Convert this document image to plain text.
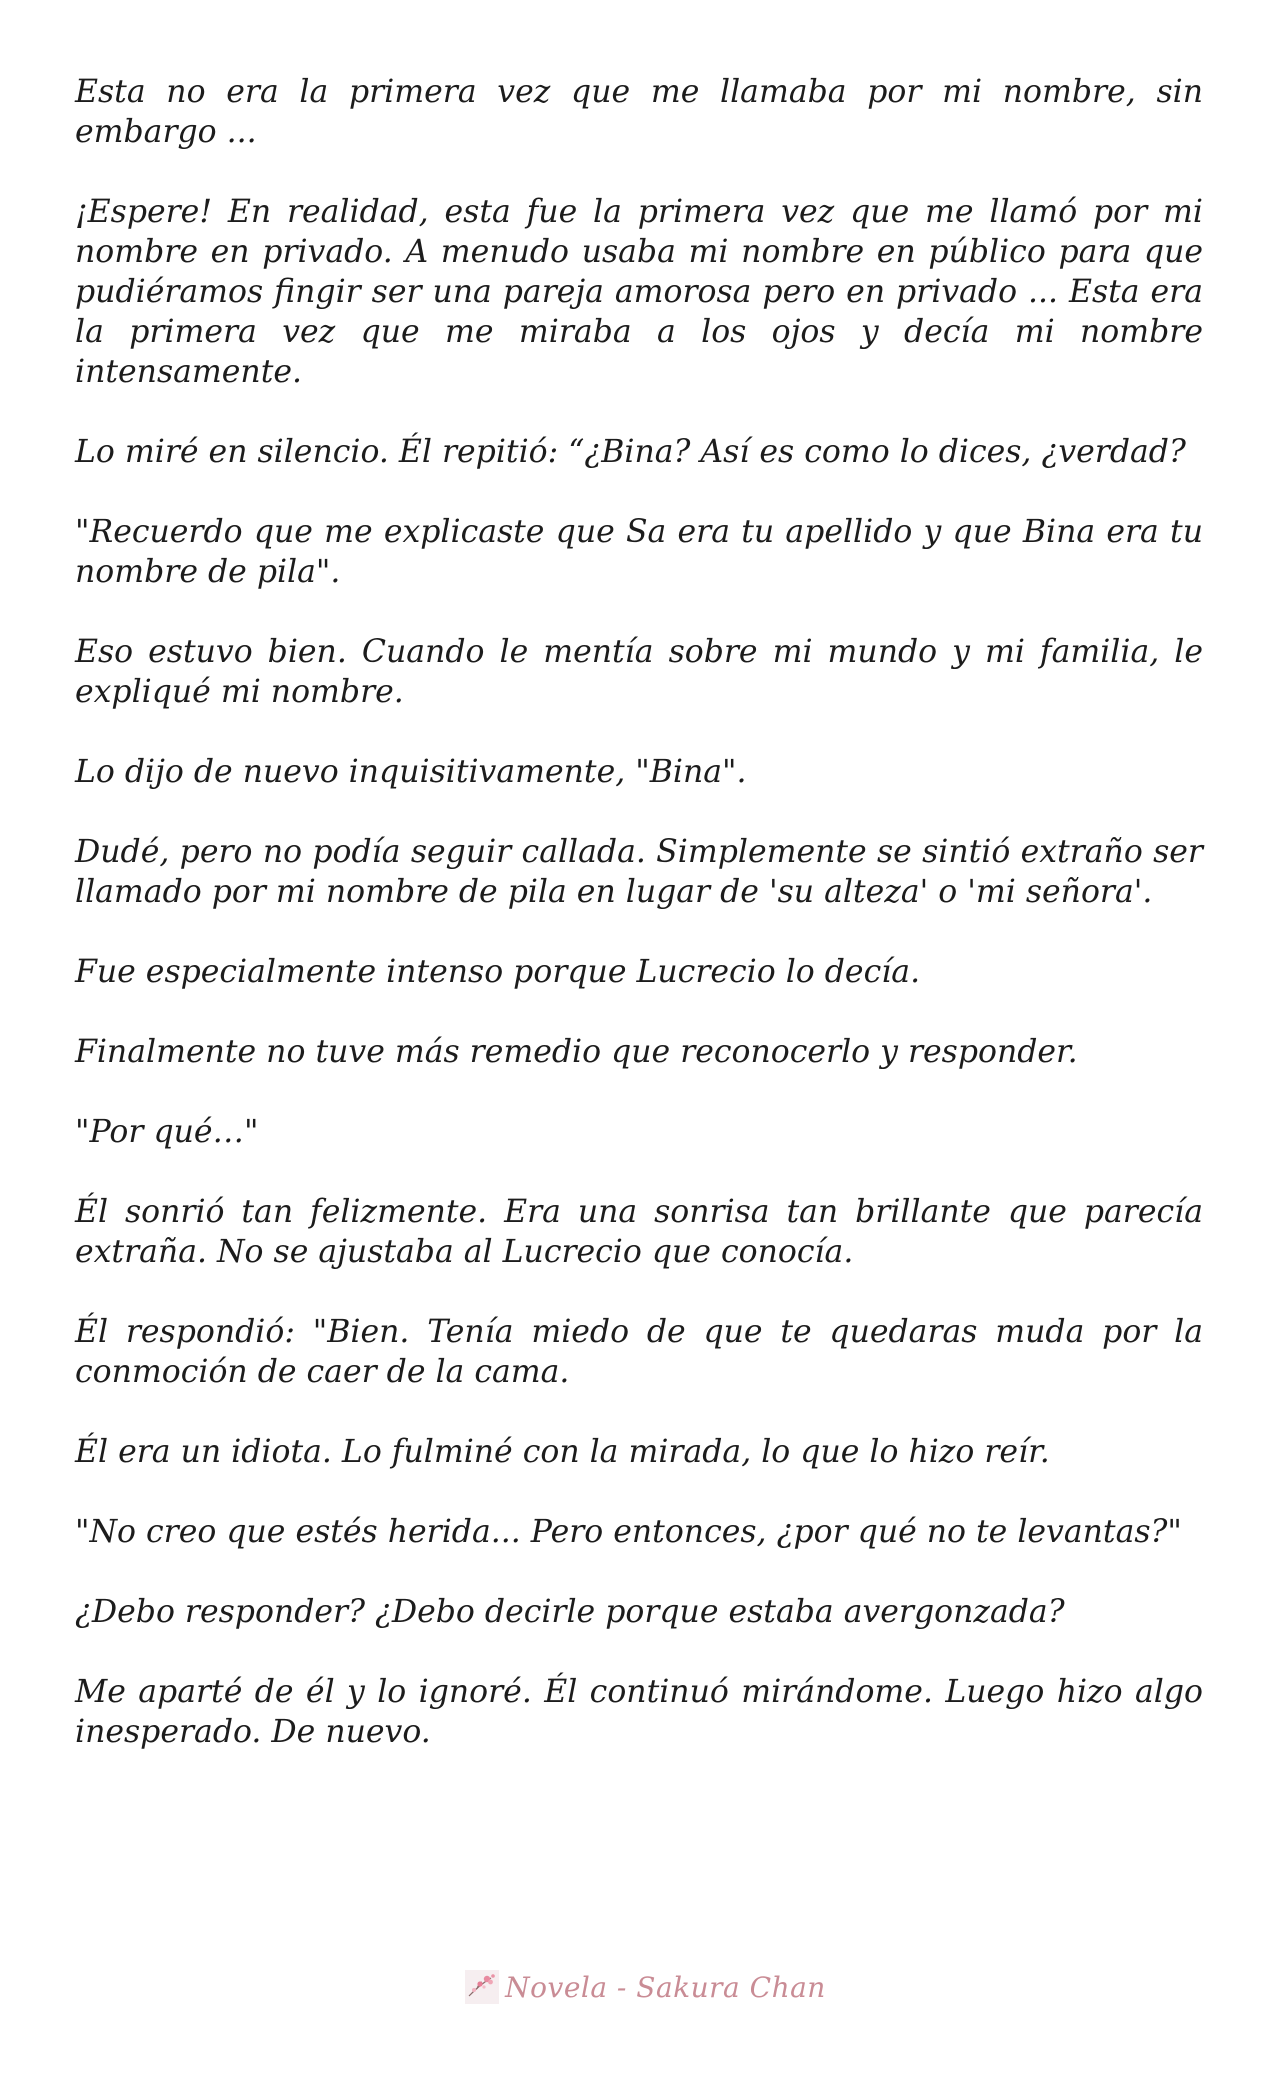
Esta no era la primera vez que me llamaba por mi nombre, sin embargo ...

¡Espere! En realidad, esta fue la primera vez que me llamó por mi nombre en privado. A menudo usaba mi nombre en público para que pudiéramos fingir ser una pareja amorosa pero en privado ... Esta era la primera vez que me miraba a los ojos y decía mi nombre intensamente.

Lo miré en silencio. Él repitió: “¿Bina? Así es como lo dices, ¿verdad?

"Recuerdo que me explicaste que Sa era tu apellido y que Bina era tu nombre de pila".

Eso estuvo bien. Cuando le mentía sobre mi mundo y mi familia, le expliqué mi nombre.

Lo dijo de nuevo inquisitivamente, "Bina".

Dudé, pero no podía seguir callada. Simplemente se sintió extraño ser llamado por mi nombre de pila en lugar de 'su alteza' o 'mi señora'.

Fue especialmente intenso porque Lucrecio lo decía.

Finalmente no tuve más remedio que reconocerlo y responder.

"Por qué…"

Él sonrió tan felizmente. Era una sonrisa tan brillante que parecía extraña. No se ajustaba al Lucrecio que conocía.

Él respondió: "Bien. Tenía miedo de que te quedaras muda por la conmoción de caer de la cama.

Él era un idiota. Lo fulminé con la mirada, lo que lo hizo reír.

"No creo que estés herida... Pero entonces, ¿por qué no te levantas?"

¿Debo responder? ¿Debo decirle porque estaba avergonzada?

Me aparté de él y lo ignoré. Él continuó mirándome. Luego hizo algo inesperado. De nuevo.

Novela - Sakura Chan
